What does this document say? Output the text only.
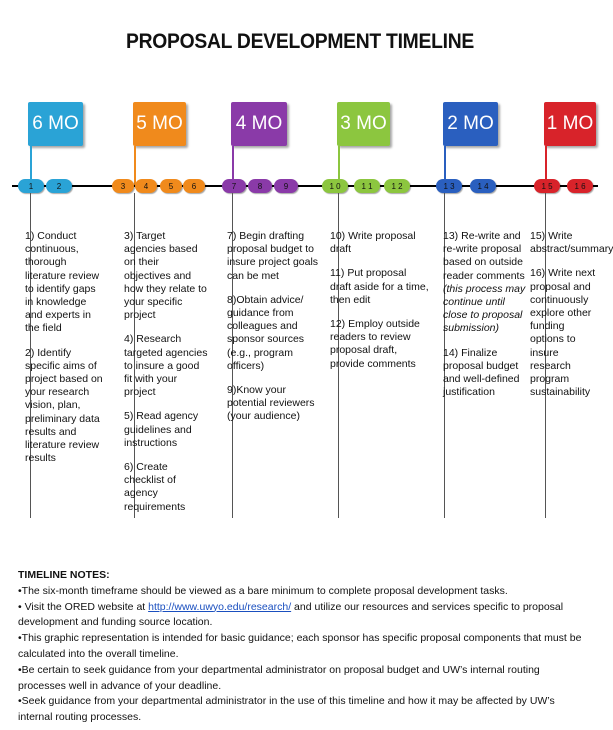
PROPOSAL DEVELOPMENT TIMELINE
6 MO	5 MO	4 MO	3 MO	2 MO	1 MO
1	2	3	4	5	6	7	8	9	1 0	1 1	1 2	1 3	1 4	1 5	1 6

1) Conduct continuous, thorough literature review to identify gaps in knowledge and experts in the field

2) Identify specific aims of project based on your research vision, plan, preliminary data results and literature review results

3) Target agencies based on their objectives and how they relate to your specific project

4) Research targeted agencies to insure a good fit with your project

5) Read agency guidelines and instructions

6) Create checklist of agency requirements

7) Begin drafting proposal budget to insure project goals can be met

8)Obtain advice/ guidance from colleagues and sponsor sources (e.g., program officers)

9)Know your potential reviewers (your audience)

10) Write proposal draft

11) Put proposal draft aside for a time, then edit

12) Employ outside readers to review proposal draft, provide comments

13) Re-write and re-write proposal based on outside reader comments (this process may continue until close to proposal submission)

14) Finalize proposal budget and well-defined justification

15) Write abstract/summary

16) Write next proposal and continuously explore other funding options to insure research program sustainability

TIMELINE NOTES:
•The six-month timeframe should be viewed as a bare minimum to complete proposal development tasks.
• Visit the ORED website at http://www.uwyo.edu/research/ and utilize our resources and services specific to proposal development and funding source location.
•This graphic representation is intended for basic guidance; each sponsor has specific proposal components that must be calculated into the overall timeline.
•Be certain to seek guidance from your departmental administrator on proposal budget and UW’s internal routing processes well in advance of your deadline.
•Seek guidance from your departmental administrator in the use of this timeline and how it may be affected by UW’s internal routing processes.
